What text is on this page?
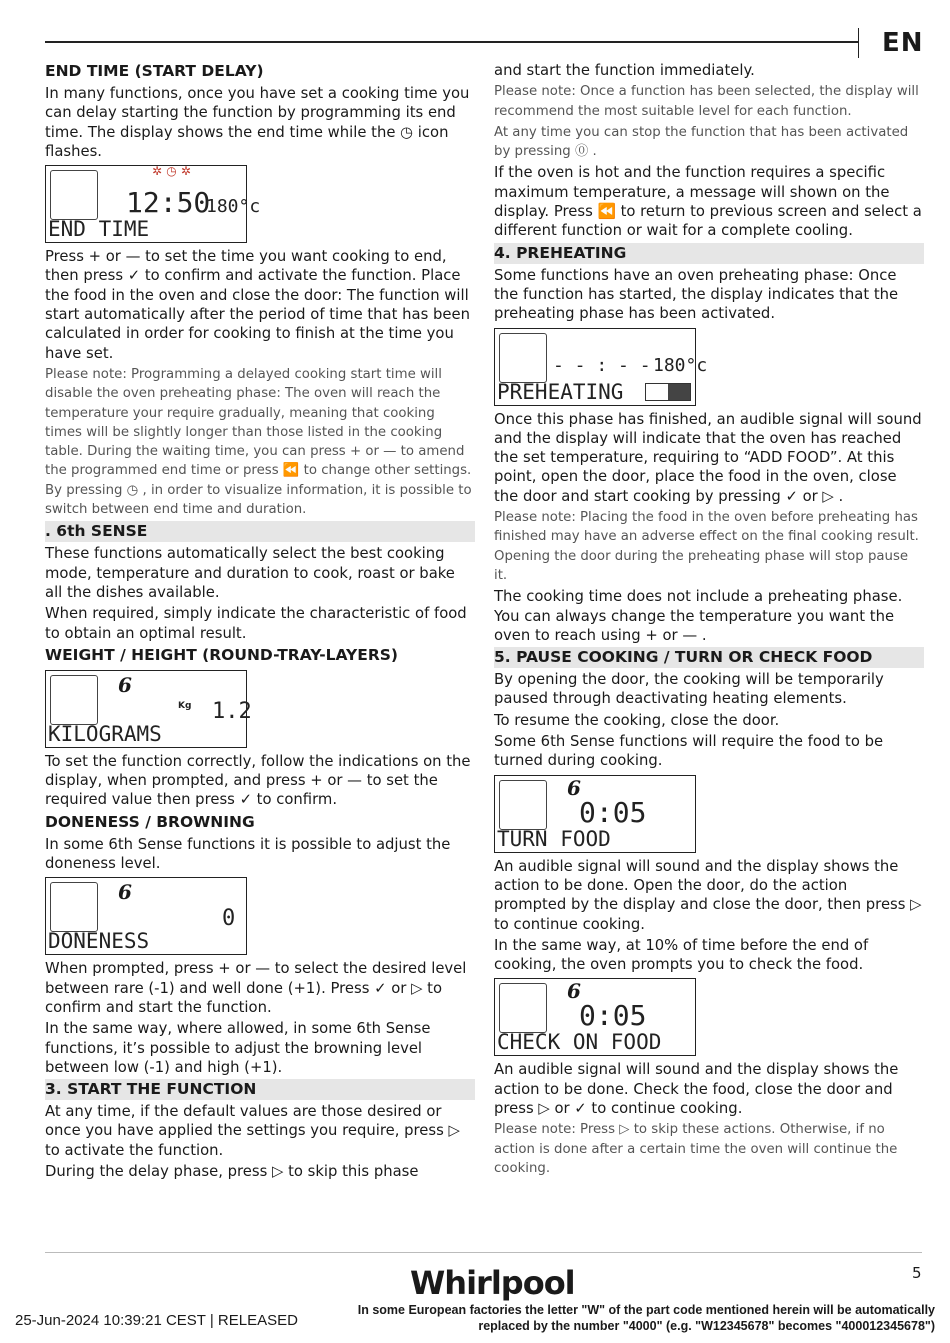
EN
END TIME (START DELAY)
In many functions, once you have set a cooking time you can delay starting the function by programming its end time. The display shows the end time while the ◷ icon flashes.
✲ ◷ ✲
12:50
180°c
END TIME
Press + or — to set the time you want cooking to end, then press ✓ to confirm and activate the function. Place the food in the oven and close the door: The function will start automatically after the period of time that has been calculated in order for cooking to finish at the time you have set.
Please note: Programming a delayed cooking start time will disable the oven preheating phase: The oven will reach the temperature your require gradually, meaning that cooking times will be slightly longer than those listed in the cooking table. During the waiting time, you can press + or — to amend the programmed end time or press ⏪ to change other settings. By pressing ◷ , in order to visualize information, it is possible to switch between end time and duration.
. 6th SENSE
These functions automatically select the best cooking mode, temperature and duration to cook, roast or bake all the dishes available.
When required, simply indicate the characteristic of food to obtain an optimal result.
WEIGHT / HEIGHT (ROUND-TRAY-LAYERS)
6
Kg 1.2
KILOGRAMS
To set the function correctly, follow the indications on the display, when prompted, and press + or — to set the required value then press ✓ to confirm.
DONENESS / BROWNING
In some 6th Sense functions it is possible to adjust the doneness level.
6
0
DONENESS
When prompted, press + or — to select the desired level between rare (-1) and well done (+1). Press ✓ or ▷ to confirm and start the function.
In the same way, where allowed, in some 6th Sense functions, it’s possible to adjust the browning level between low (-1) and high (+1).
3. START THE FUNCTION
At any time, if the default values are those desired or once you have applied the settings you require, press ▷ to activate the function.
During the delay phase, press ▷ to skip this phase
and start the function immediately.
Please note: Once a function has been selected, the display will recommend the most suitable level for each function.
At any time you can stop the function that has been activated by pressing ⓪ .
If the oven is hot and the function requires a specific maximum temperature, a message will shown on the display. Press ⏪ to return to previous screen and select a different function or wait for a complete cooling.
4. PREHEATING
Some functions have an oven preheating phase: Once the function has started, the display indicates that the preheating phase has been activated.
- - : - - 180°c
PREHEATING
Once this phase has finished, an audible signal will sound and the display will indicate that the oven has reached the set temperature, requiring to “ADD FOOD”. At this point, open the door, place the food in the oven, close the door and start cooking by pressing ✓ or ▷ .
Please note: Placing the food in the oven before preheating has finished may have an adverse effect on the final cooking result. Opening the door during the preheating phase will stop pause it.
The cooking time does not include a preheating phase. You can always change the temperature you want the oven to reach using + or — .
5. PAUSE COOKING / TURN OR CHECK FOOD
By opening the door, the cooking will be temporarily paused through deactivating heating elements.
To resume the cooking, close the door.
Some 6th Sense functions will require the food to be turned during cooking.
6
0:05
TURN FOOD
An audible signal will sound and the display shows the action to be done. Open the door, do the action prompted by the display and close the door, then press ▷ to continue cooking.
In the same way, at 10% of time before the end of cooking, the oven prompts you to check the food.
6
0:05
CHECK ON FOOD
An audible signal will sound and the display shows the action to be done. Check the food, close the door and press ▷ or ✓ to continue cooking.
Please note: Press ▷ to skip these actions. Otherwise, if no action is done after a certain time the oven will continue the cooking.
5
Whirlpool
25-Jun-2024 10:39:21 CEST | RELEASED
In some European factories the letter "W" of the part code mentioned herein will be automatically
replaced by the number "4000" (e.g. "W12345678" becomes "400012345678")
